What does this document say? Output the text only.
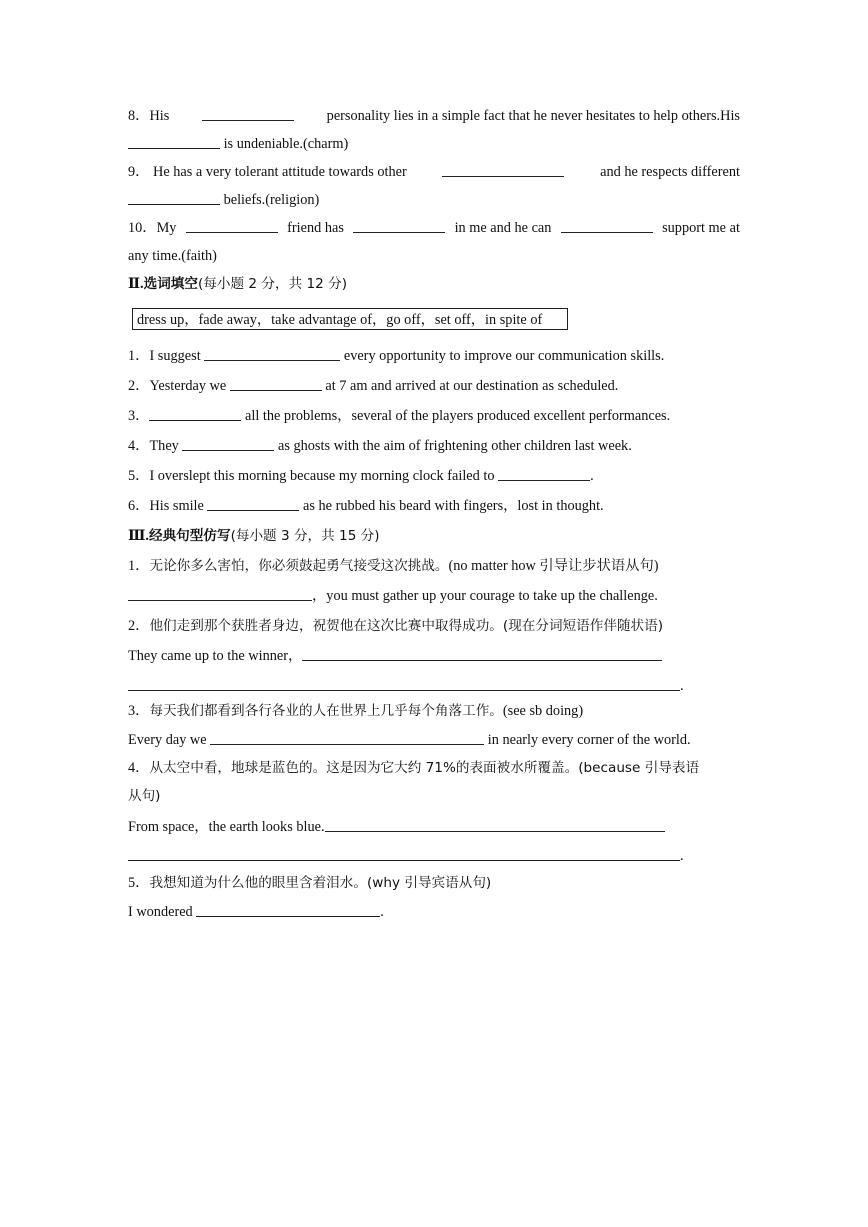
8．His	personality lies in a simple fact that he never hesitates to help others.His
is undeniable.(charm)
9． He has a very tolerant attitude towards other	and he respects different
beliefs.(religion)
10．My	friend has	in me and he can	support me at
any time.(faith)
Ⅱ.选词填空(每小题 2 分，共 12 分)
dress up，fade away，take advantage of，go off，set off，in spite of
1．I suggest	every opportunity to improve our communication skills.
2．Yesterday we	at 7 am and arrived at our destination as scheduled.
3．	all the problems，several of the players produced excellent performances.
4．They	as ghosts with the aim of frightening other children last week.
5．I overslept this morning because my morning clock failed to	.
6．His smile	as he rubbed his beard with fingers，lost in thought.
Ⅲ.经典句型仿写(每小题 3 分，共 15 分)
1．无论你多么害怕，你必须鼓起勇气接受这次挑战。(no matter how 引导让步状语从句)
，you must gather up your courage to take up the challenge.
2．他们走到那个获胜者身边，祝贺他在这次比赛中取得成功。(现在分词短语作伴随状语)
They came up to the winner，
.
3．每天我们都看到各行各业的人在世界上几乎每个角落工作。(see sb doing)
Every day we	in nearly every corner of the world.
4．从太空中看，地球是蓝色的。这是因为它大约 71%的表面被水所覆盖。(because 引导表语
从句)
From space，the earth looks blue.
.
5．我想知道为什么他的眼里含着泪水。(why 引导宾语从句)
I wondered	.
